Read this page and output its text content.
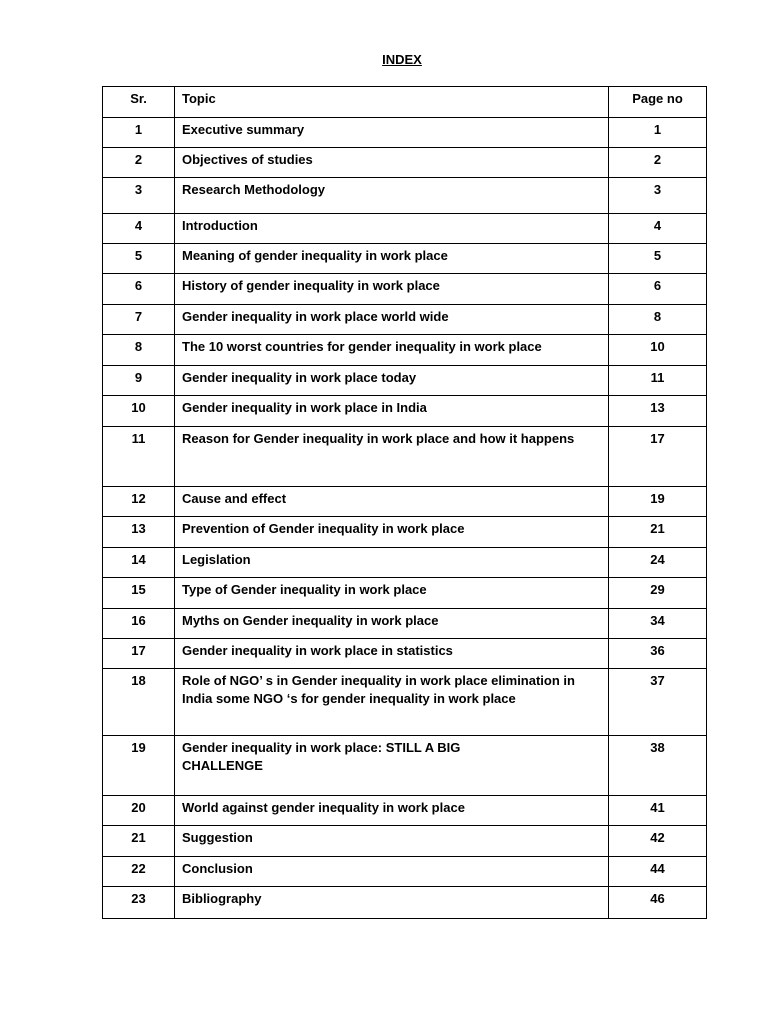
INDEX
Sr.	Topic	Page no

1	Executive summary	1

2	Objectives of studies	2

3	Research Methodology	3

4	Introduction	4

5	Meaning of gender inequality in work place	5

6	History of gender inequality in work place	6

7	Gender inequality in work place world wide	8

8	The 10 worst countries for gender inequality in work place	10

9	Gender inequality in work place today	11

10	Gender inequality in work place in India	13

11	Reason for Gender inequality in work place and how it happens	17

12	Cause and effect	19

13	Prevention of Gender inequality in work place	21

14	Legislation	24

15	Type of Gender inequality in work place	29

16	Myths on Gender inequality in work place	34

17	Gender inequality in work place in statistics	36

18	Role of NGO’ s in Gender inequality in work place elimination in India some NGO ‘s for gender inequality in work place	37

19	Gender inequality in work place: STILL A BIG
CHALLENGE	38

20	World against gender inequality in work place	41

21	Suggestion	42

22	Conclusion	44

23	Bibliography	46
